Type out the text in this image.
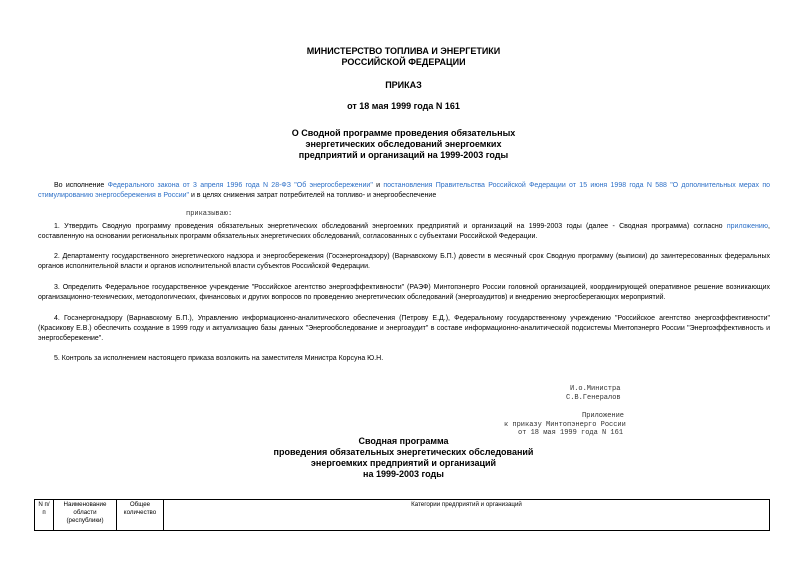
МИНИСТЕРСТВО ТОПЛИВА И ЭНЕРГЕТИКИ
РОССИЙСКОЙ ФЕДЕРАЦИИ
ПРИКАЗ
от 18 мая 1999 года N 161
О Сводной программе проведения обязательных
энергетических обследований энергоемких
предприятий и организаций на 1999-2003 годы
Во исполнение Федерального закона от 3 апреля 1996 года N 28-ФЗ "Об энергосбережении" и постановления Правительства Российской Федерации от 15 июня 1998 года N 588 "О дополнительных мерах по стимулированию энергосбережения в России" и в целях снижения затрат потребителей на топливо- и энергообеспечение
приказываю:
1. Утвердить Сводную программу проведения обязательных энергетических обследований энергоемких предприятий и организаций на 1999-2003 годы (далее - Сводная программа) согласно приложению, составленную на основании региональных программ обязательных энергетических обследований, согласованных с субъектами Российской Федерации.
2. Департаменту государственного энергетического надзора и энергосбережения (Госэнергонадзору) (Варнавскому Б.П.) довести в месячный срок Сводную программу (выписки) до заинтересованных федеральных органов исполнительной власти и органов исполнительной власти субъектов Российской Федерации.
3. Определить Федеральное государственное учреждение "Российское агентство энергоэффективности" (РАЭФ) Минтопэнерго России головной организацией, координирующей оперативное решение возникающих организационно-технических, методологических, финансовых и других вопросов по проведению энергетических обследований (энергоаудитов) и внедрению энергосберегающих мероприятий.
4. Госэнергонадзору (Варнавскому Б.П.), Управлению информационно-аналитического обеспечения (Петрову Е.Д.), Федеральному государственному учреждению "Российское агентство энергоэффективности" (Красикову Е.В.) обеспечить создание в 1999 году и актуализацию базы данных "Энергообследование и энергоаудит" в составе информационно-аналитической подсистемы Минтопэнерго России "Энергоэффективность и энергосбережение".
5. Контроль за исполнением настоящего приказа возложить на заместителя Министра Корсуна Ю.Н.
И.о.Министра
С.В.Генералов
Приложение
к приказу Минтопэнерго России
от 18 мая 1999 года N 161
Сводная программа
проведения обязательных энергетических обследований
энергоемких предприятий и организаций
на 1999-2003 годы
N п/п	Наименование области (республики)	Общее количество	Категории предприятий и организаций
